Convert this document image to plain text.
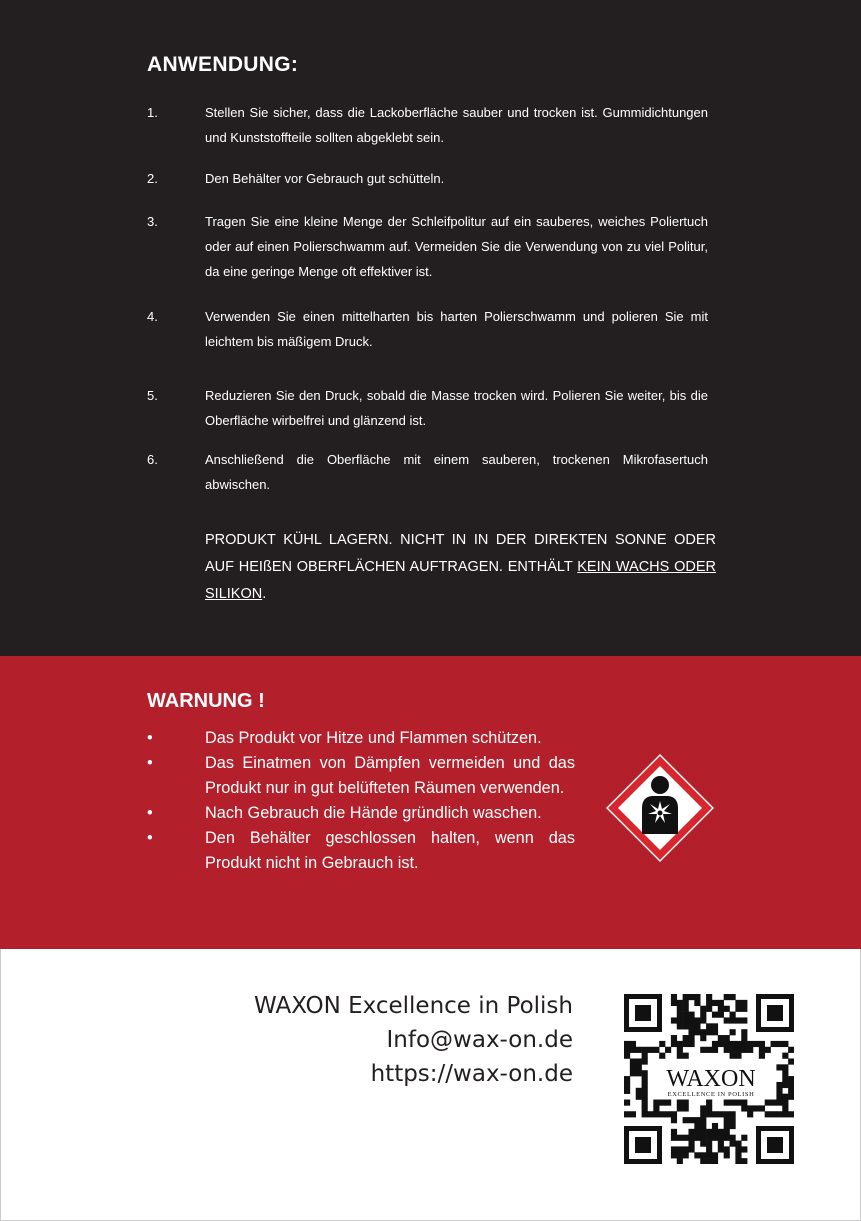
ANWENDUNG:
1.	Stellen Sie sicher, dass die Lackoberfläche sauber und trocken ist. Gummidichtungen und Kunststoffteile sollten abgeklebt sein.
2.	Den Behälter vor Gebrauch gut schütteln.
3.	Tragen Sie eine kleine Menge der Schleifpolitur auf ein sauberes, weiches Poliertuch oder auf einen Polierschwamm auf. Vermeiden Sie die Verwendung von zu viel Politur, da eine geringe Menge oft effektiver ist.
4.	Verwenden Sie einen mittelharten bis harten Polierschwamm und polieren Sie mit leichtem bis mäßigem Druck.
5.	Reduzieren Sie den Druck, sobald die Masse trocken wird. Polieren Sie weiter, bis die Oberfläche wirbelfrei und glänzend ist.
6.	Anschließend die Oberfläche mit einem sauberen, trockenen Mikrofasertuch abwischen.

PRODUKT KÜHL LAGERN. NICHT IN IN DER DIREKTEN SONNE ODER AUF HEIßEN OBERFLÄCHEN AUFTRAGEN. ENTHÄLT KEIN WACHS ODER SILIKON.

WARNUNG !
•	Das Produkt vor Hitze und Flammen schützen.
•	Das Einatmen von Dämpfen vermeiden und das Produkt nur in gut belüfteten Räumen verwenden.
•	Nach Gebrauch die Hände gründlich waschen.
•	Den Behälter geschlossen halten, wenn das Produkt nicht in Gebrauch ist.
WAXON Excellence in Polish
Info@wax-on.de
https://wax-on.de	WAXON
EXCELLENCE IN POLISH
